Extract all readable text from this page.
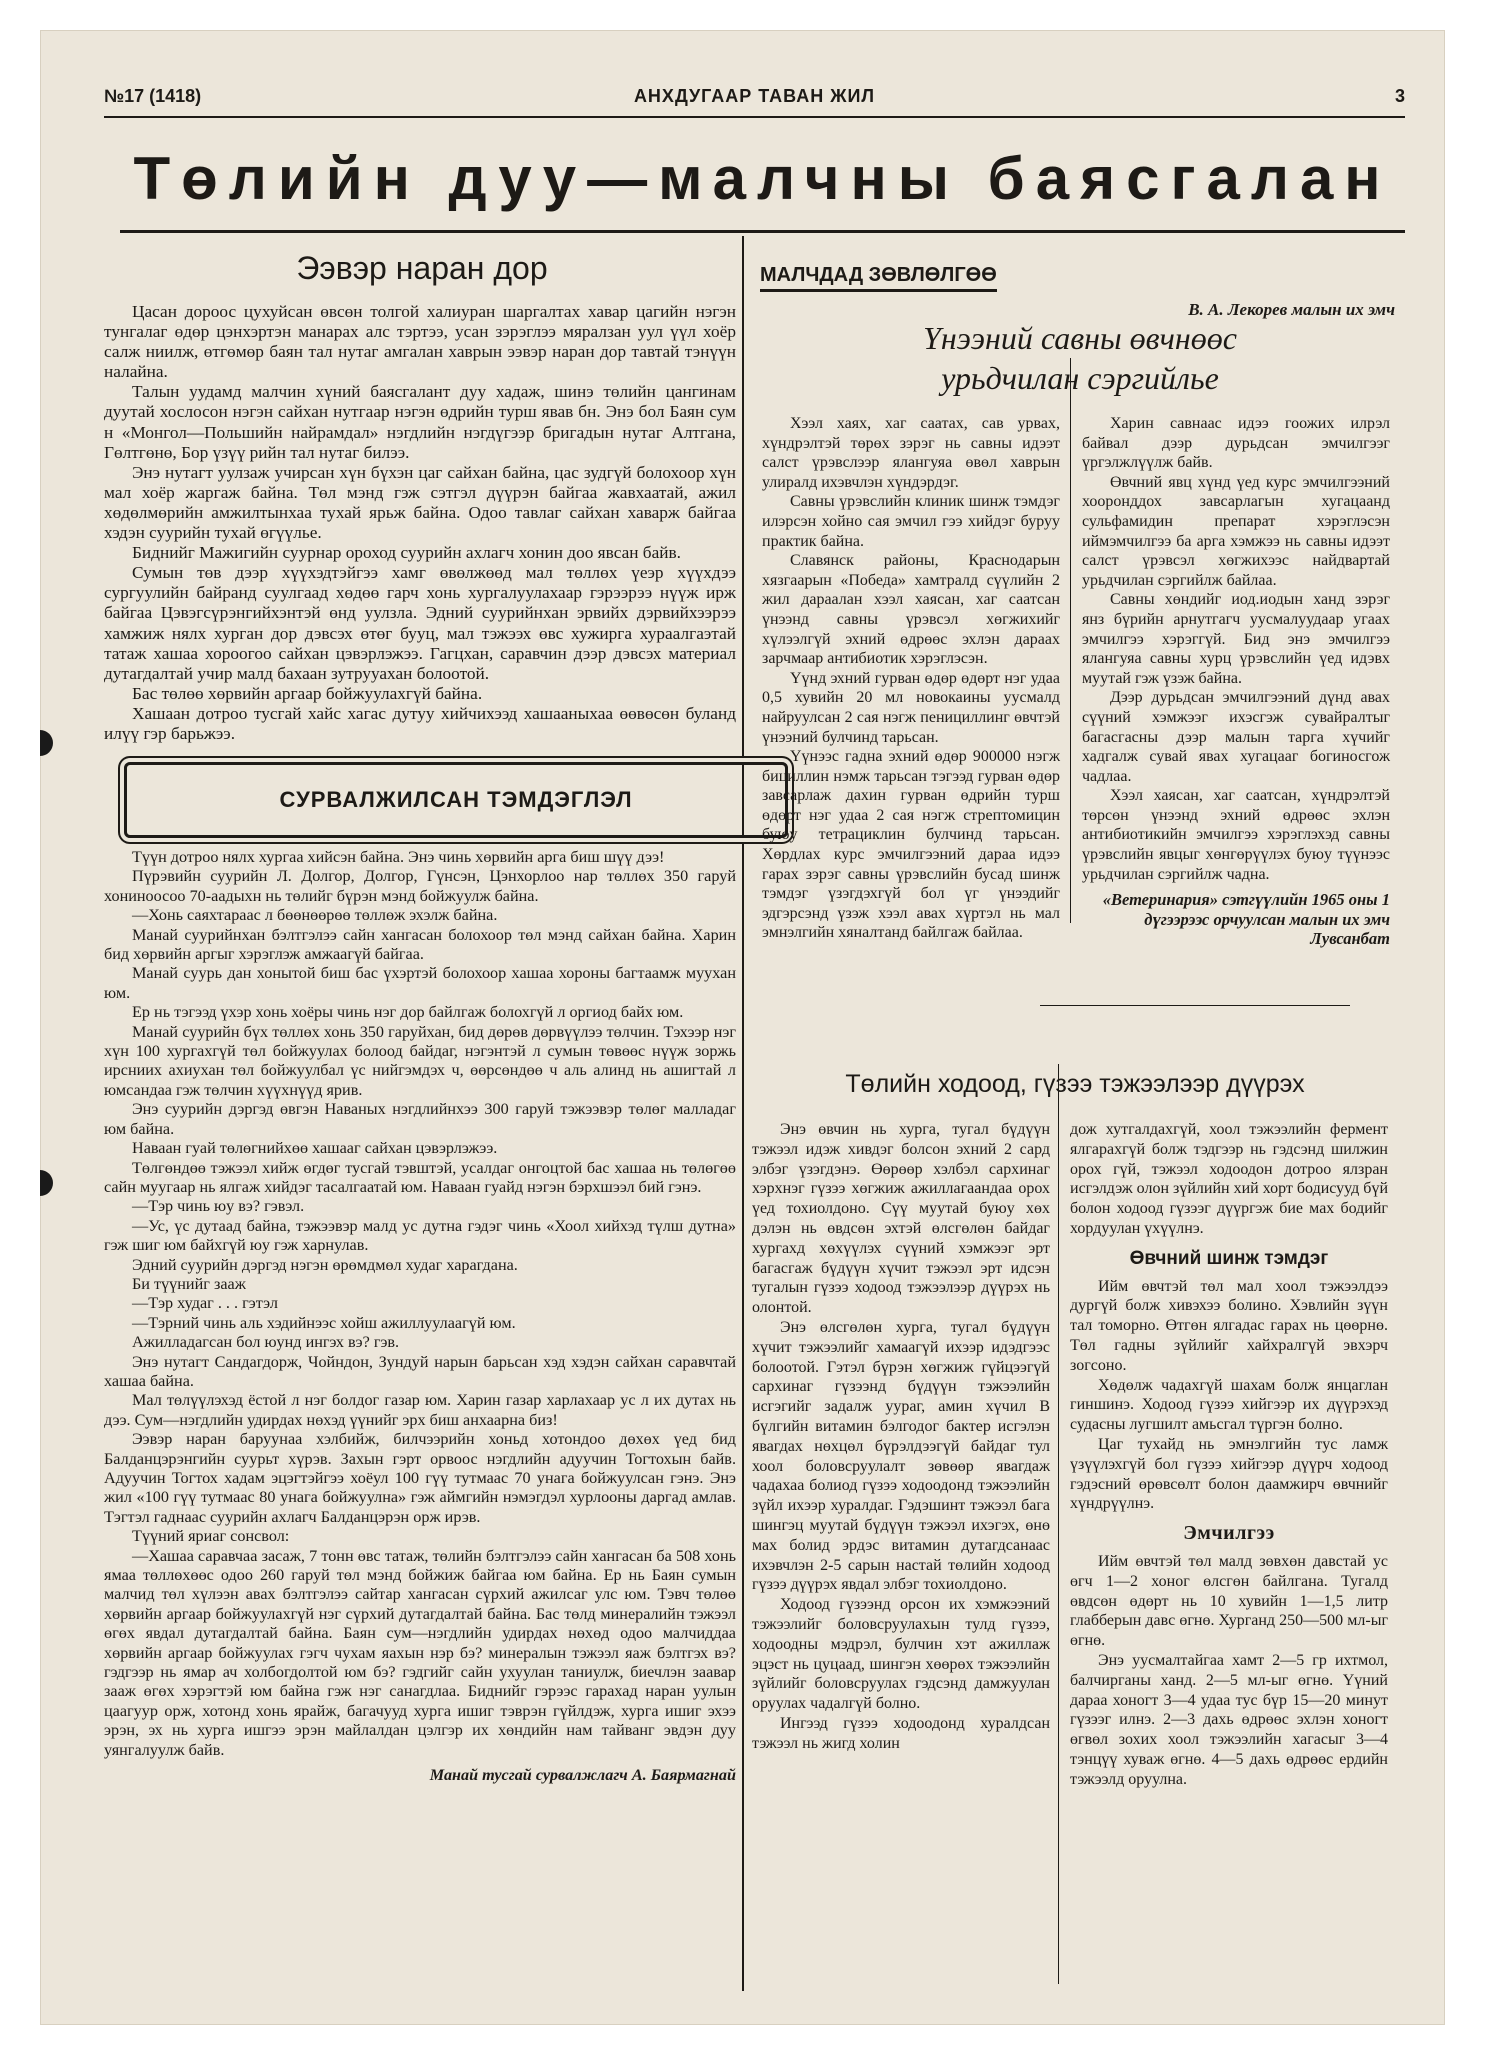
№17 (1418)	АНХДУГААР ТАВАН ЖИЛ	3
Төлийн дуу—малчны баясгалан
Ээвэр наран дор

Цасан дороос цухуйсан өвсөн толгой халиуран шаргалтах хавар цагийн нэгэн тунгалаг өдөр цэнхэртэн манарах алс тэртээ, усан зэрэглээ мяралзан уул үүл хоёр салж ниилж, өтгөмөр баян тал нутаг амгалан хаврын ээвэр наран дор тавтай тэнүүн налайна.

Талын уудамд малчин хүний баясгалант дуу хадаж, шинэ төлийн цангинам дуутай хослосон нэгэн сайхан нутгаар нэгэн өдрийн турш явав бн. Энэ бол Баян сум н «Монгол—Польшийн найрамдал» нэгдлийн нэгдүгээр бригадын нутаг Алтгана, Гөлтгөнө, Бор үзүү рийн тал нутаг билээ.

Энэ нутагт уулзаж учирсан хүн бүхэн цаг сайхан байна, цас зудгүй болохоор хүн мал хоёр жаргаж байна. Төл мэнд гэж сэтгэл дүүрэн байгаа жавхаатай, ажил хөдөлмөрийн амжилтынхаа тухай ярьж байна. Одоо тавлаг сайхан хаварж байгаа хэдэн суурийн тухай өгүүлье.

Биднийг Мажигийн суурнар ороход суурийн ахлагч хонин доо явсан байв.

Сумын төв дээр хүүхэдтэйгээ хамг өвөлжөөд мал төллөх үеэр хүүхдээ сургуулийн байранд суулгаад хөдөө гарч хонь хургалуулахаар гэрээрээ нүүж ирж байгаа Цэвэгсүрэнгийхэнтэй өнд уулзла. Эдний суурийнхан эрвийх дэрвийхээрээ хамжиж нялх хурган дор дэвсэх өтөг бууц, мал тэжээх өвс хужирга хураалгаэтай татаж хашаа хороогоо сайхан цэвэрлэжээ. Гагцхан, саравчин дээр дэвсэх материал дутагдалтай учир малд бахаан зутрууахан болоотой.

Бас төлөө хөрвийн аргаар бойжуулахгүй байна.

Хашаан дотроо тусгай хайс хагас дутуу хийчихээд хашааныхаа өөвөсөн буланд илүү гэр барьжээ.

СУРВАЛЖИЛСАН ТЭМДЭГЛЭЛ

Түүн дотроо нялх хургаа хийсэн байна. Энэ чинь хөрвийн арга биш шүү дээ!

Пүрэвийн суурийн Л. Долгор, Долгор, Гүнсэн, Цэнхорлоо нар төллөх 350 гаруй хониноосоо 70-аадыхн нь төлийг бүрэн мэнд бойжуулж байна.

—Хонь саяхтараас л бөөнөөрөө төллөж эхэлж байна.

Манай суурийнхан бэлтгэлээ сайн хангасан болохоор төл мэнд сайхан байна. Харин бид хөрвийн аргыг хэрэглэж амжаагүй байгаа.

Манай суурь дан хонытой биш бас үхэртэй болохоор хашаа хороны багтаамж муухан юм.

Ер нь тэгээд үхэр хонь хоёры чинь нэг дор байлгаж болохгүй л оргиод байх юм.

Манай суурийн бүх төллөх хонь 350 гаруйхан, бид дөрөв дөрвүүлээ төлчин. Тэхээр нэг хүн 100 хургахгүй төл бойжуулах болоод байдаг, нэгэнтэй л сумын төвөөс нүүж зоржь ирсниих ахиухан төл бойжуулбал үс нийгэмдэх ч, өөрсөндөө ч аль алинд нь ашигтай л юмсандаа гэж төлчин хүүхнүүд ярив.

Энэ суурийн дэргэд өвгэн Наваных нэгдлийнхээ 300 гаруй тэжээвэр төлөг малладаг юм байна.

Наваан гуай төлөгнийхөө хашааг сайхан цэвэрлэжээ.

Төлгөндөө тэжээл хийж өгдөг тусгай тэвштэй, усалдаг онгоцтой бас хашаа нь төлөгөө сайн муугаар нь ялгаж хийдэг тасалгаатай юм. Наваан гуайд нэгэн бэрхшээл бий гэнэ.

—Тэр чинь юу вэ? гэвэл.

—Ус, үс дутаад байна, тэжээвэр малд ус дутна гэдэг чинь «Хоол хийхэд түлш дутна» гэж шиг юм байхгүй юу гэж харнулав.

Эдний суурийн дэргэд нэгэн өрөмдмөл худаг харагдана.

Би түүнийг зааж

—Тэр худаг . . . гэтэл

—Тэрний чинь аль хэдийнээс хойш ажиллуулаагүй юм.

Ажилладагсан бол юунд ингэх вэ? гэв.

Энэ нутагт Сандагдорж, Чойндон, Зундуй нарын барьсан хэд хэдэн сайхан саравчтай хашаа байна.

Мал төлүүлэхэд ёстой л нэг болдог газар юм. Харин газар харлахаар ус л их дутах нь дээ. Сум—нэгдлийн удирдах нөхэд үүнийг эрх биш анхаарна биз!

Ээвэр наран баруунаа хэлбийж, билчээрийн хоньд хотондоо дөхөх үед бид Балданцэрэнгийн суурьт хүрэв. Захын гэрт орвоос нэгдлийн адуучин Тогтохын байв. Адуучин Тогтох хадам эцэгтэйгээ хоёул 100 гүү тутмаас 70 унага бойжуулсан гэнэ. Энэ жил «100 гүү тутмаас 80 унага бойжуулна» гэж аймгийн нэмэгдэл хурлооны даргад амлав. Тэгтэл гаднаас суурийн ахлагч Балданцэрэн орж ирэв.

Түүний яриаг сонсвол:

—Хашаа саравчаа засаж, 7 тонн өвс татаж, төлийн бэлтгэлээ сайн хангасан ба 508 хонь ямаа төллөхөөс одоо 260 гаруй төл мэнд бойжиж байгаа юм байна. Ер нь Баян сумын малчид төл хүлээн авах бэлтгэлээ сайтар хангасан сүрхий ажилсаг улс юм. Тэвч төлөө хөрвийн аргаар бойжуулахгүй нэг сүрхий дутагдалтай байна. Бас төлд минералийн тэжээл өгөх явдал дутагдалтай байна. Баян сум—нэгдлийн удирдах нөхөд одоо малчиддаа хөрвийн аргаар бойжуулах гэгч чухам яахын нэр бэ? минералын тэжээл яаж бэлтгэх вэ? гэдгээр нь ямар ач холбогдолтой юм бэ? гэдгийг сайн ухуулан таниулж, биечлэн заавар зааж өгөх хэрэгтэй юм байна гэж нэг санагдлаа. Биднийг гэрээс гарахад наран уулын цаагуур орж, хотонд хонь ярайж, багачууд хурга ишиг тэврэн гүйлдэж, хурга ишиг эхээ эрэн, эх нь хурга ишгээ эрэн майлалдан цэлгэр их хөндийн нам тайванг эвдэн дуу уянгалуулж байв.

Манай тусгай сурвалжлагч А. Баярмагнай

МАЛЧДАД ЗӨВЛӨЛГӨӨ
В. А. Лекорев малын их эмч
Үнээний савны өвчнөөс
урьдчилан сэргийлье

Хээл хаях, хаг саатах, сав урвах, хүндрэлтэй төрөх зэрэг нь савны идээт салст үрэвслээр ялангуяа өвөл хаврын улиралд ихэвчлэн хүндэрдэг.

Савны үрэвслийн клиник шинж тэмдэг илэрсэн хойно сая эмчил гээ хийдэг буруу практик байна.

Славянск районы, Краснодарын хязгаарын «Победа» хамтралд сүүлийн 2 жил дараалан хээл хаясан, хаг саатсан үнээнд савны үрэвсэл хөгжихийг хүлээлгүй эхний өдрөөс эхлэн дараах зарчмаар антибиотик хэрэглэсэн.

Үүнд эхний гурван өдөр өдөрт нэг удаа 0,5 хувийн 20 мл новокаины уусмалд найруулсан 2 сая нэгж пенициллинг өвчтэй үнээний булчинд тарьсан.

Үүнээс гадна эхний өдөр 900000 нэгж бициллин нэмж тарьсан тэгээд гурван өдөр завсарлаж дахин гурван өдрийн турш өдөрт нэг удаа 2 сая нэгж стрептомицин буюу тетрациклин булчинд тарьсан. Хөрдлах курс эмчилгээний дараа идээ гарах зэрэг савны үрэвслийн бусад шинж тэмдэг үзэгдэхгүй бол үг үнээдийг эдгэрсэнд үзэж хээл авах хүртэл нь мал эмнэлгийн хяналтанд байлгаж байлаа.

Харин савнаас идээ гоожих илрэл байвал дээр дурьдсан эмчилгээг үргэлжлүүлж байв.

Өвчний явц хүнд үед курс эмчилгээний хооронддох завсарлагын хугацаанд сульфамидин препарат хэрэглэсэн иймэмчилгээ ба арга хэмжээ нь савны идээт салст үрэвсэл хөгжихээс найдвартай урьдчилан сэргийлж байлаа.

Савны хөндийг иод.иодын ханд зэрэг янз бүрийн арнутгагч уусмалуудаар угаах эмчилгээ хэрэггүй. Бид энэ эмчилгээ ялангуяа савны хурц үрэвслийн үед идэвх муутай гэж үзэж байна.

Дээр дурьдсан эмчилгээний дүнд авах сүүний хэмжээг ихэсгэж сувайралтыг багасгасны дээр малын тарга хүчийг хадгалж сувай явах хугацааг богиносгож чадлаа.

Хээл хаясан, хаг саатсан, хүндрэлтэй төрсөн үнээнд эхний өдрөөс эхлэн антибиотикийн эмчилгээ хэрэглэхэд савны үрэвслийн явцыг хөнгөрүүлэх буюу түүнээс урьдчилан сэргийлж чадна.

«Ветеринария» сэтгүүлийн 1965 оны 1 дүгээрээс орчуулсан малын их эмч Лувсанбат

Төлийн ходоод, гүзээ тэжээлээр дүүрэх

Энэ өвчин нь хурга, тугал бүдүүн тэжээл идэж хивдэг болсон эхний 2 сард элбэг үзэгдэнэ. Өөрөөр хэлбэл сархинаг хэрхнэг гүзээ хөгжиж ажиллагаандаа орох үед тохиолдоно. Сүү муутай буюу хөх дэлэн нь өвдсөн эхтэй өлсгөлөн байдаг хургахд хөхүүлэх сүүний хэмжээг эрт багасгаж бүдүүн хүчит тэжээл эрт идсэн тугалын гүзээ ходоод тэжээлээр дүүрэх нь олонтой.

Энэ өлсгөлөн хурга, тугал бүдүүн хүчит тэжээлийг хамаагүй ихээр идэдгээс болоотой. Гэтэл бүрэн хөгжиж гүйцээгүй сархинаг гүзээнд бүдүүн тэжээлийн исгэгийг задалж уураг, амин хүчил В бүлгийн витамин бэлгодог бактер исгэлэн явагдах нөхцөл бүрэлдээгүй байдаг тул хоол боловсруулалт зөвөөр явагдаж чадахаа болиод гүзээ ходоодонд тэжээлийн зүйл ихээр хуралдаг. Гэдэшинт тэжээл бага шингэц муутай бүдүүн тэжээл ихэгэх, өнө мах болид эрдэс витамин дутагдсанаас ихэвчлэн 2-5 сарын настай төлийн ходоод гүзээ дүүрэх явдал элбэг тохиолдоно.

Ходоод гүзээнд орсон их хэмжээний тэжээлийг боловсруулахын тулд гүзээ, ходоодны мэдрэл, булчин хэт ажиллаж эцэст нь цуцаад, шингэн хөөрөх тэжээлийн зүйлийг боловсруулах гэдсэнд дамжуулан оруулах чадалгүй болно.

Ингээд гүзээ ходоодонд хуралдсан тэжээл нь жигд холин

дож хутгалдахгүй, хоол тэжээлийн фермент ялгарахгүй болж тэдгээр нь гэдсэнд шилжин орох гүй, тэжээл ходоодон дотроо ялзран исгэлдэж олон зүйлийн хий хорт бодисууд бүй болон ходоод гүзээг дүүргэж бие мах бодийг хордуулан үхүүлнэ.

Өвчний шинж тэмдэг

Ийм өвчтэй төл мал хоол тэжээлдээ дургүй болж хивэхээ болино. Хэвлийн зүүн тал томорно. Өтгөн ялгадас гарах нь цөөрнө. Төл гадны зүйлийг хайхралгүй эвхэрч зогсоно.

Хөдөлж чадахгүй шахам болж янцаглан гиншинэ. Ходоод гүзээ хийгээр их дүүрэхэд судасны лугшилт амьсгал түргэн болно.

Цаг тухайд нь эмнэлгийн тус ламж үзүүлэхгүй бол гүзээ хийгээр дүүрч ходоод гэдэсний өрөвсөлт болон даамжирч өвчнийг хүндрүүлнэ.

Эмчилгээ

Ийм өвчтэй төл малд зөвхөн давстай ус өгч 1—2 хоног өлсгөн байлгана. Тугалд өвдсөн өдөрт нь 10 хувийн 1—1,5 литр глабберын давс өгнө. Хурганд 250—500 мл-ыг өгнө.

Энэ уусмалтайгаа хамт 2—5 гр ихтмол, балчирганы ханд. 2—5 мл-ыг өгнө. Үүний дараа хоногт 3—4 удаа тус бүр 15—20 минут гүзээг илнэ. 2—3 дахь өдрөөс эхлэн хоногт өгвөл зохих хоол тэжээлийн хагасыг 3—4 тэнцүү хуваж өгнө. 4—5 дахь өдрөөс ердийн тэжээлд оруулна.
